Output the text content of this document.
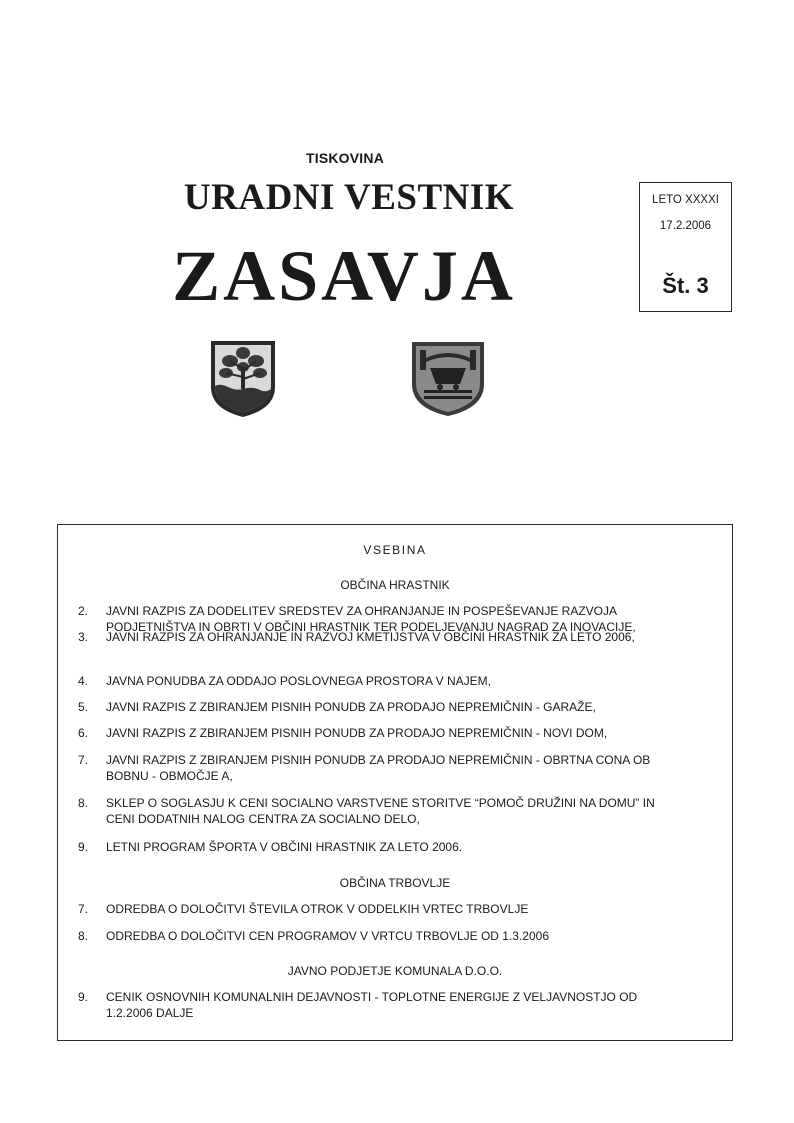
TISKOVINA
URADNI VESTNIK
ZASAVJA
LETO XXXXI
17.2.2006
Št. 3
VSEBINA
OBČINA HRASTNIK
2.	JAVNI RAZPIS ZA DODELITEV SREDSTEV ZA OHRANJANJE IN POSPEŠEVANJE RAZVOJA
PODJETNIŠTVA IN OBRTI V OBČINI HRASTNIK TER PODELJEVANJU NAGRAD ZA INOVACIJE,
3.	JAVNI RAZPIS ZA OHRANJANJE IN RAZVOJ KMETIJSTVA V OBČINI HRASTNIK ZA LETO 2006,
4.	JAVNA PONUDBA ZA ODDAJO POSLOVNEGA PROSTORA V NAJEM,
5.	JAVNI RAZPIS Z ZBIRANJEM PISNIH PONUDB ZA PRODAJO NEPREMIČNIN - GARAŽE,
6.	JAVNI RAZPIS Z ZBIRANJEM PISNIH PONUDB ZA PRODAJO NEPREMIČNIN - NOVI DOM,
7.	JAVNI RAZPIS Z ZBIRANJEM PISNIH PONUDB ZA PRODAJO NEPREMIČNIN - OBRTNA CONA OB
BOBNU - OBMOČJE A,
8.	SKLEP O SOGLASJU K CENI SOCIALNO VARSTVENE STORITVE “POMOČ DRUŽINI NA DOMU” IN
CENI DODATNIH NALOG CENTRA ZA SOCIALNO DELO,
9.	LETNI PROGRAM ŠPORTA V OBČINI HRASTNIK ZA LETO 2006.
OBČINA TRBOVLJE
7.	ODREDBA O DOLOČITVI ŠTEVILA OTROK V ODDELKIH VRTEC TRBOVLJE
8.	ODREDBA O DOLOČITVI CEN PROGRAMOV V VRTCU TRBOVLJE OD 1.3.2006
JAVNO PODJETJE KOMUNALA D.O.O.
9.	CENIK OSNOVNIH KOMUNALNIH DEJAVNOSTI - TOPLOTNE ENERGIJE Z VELJAVNOSTJO OD
1.2.2006 DALJE
